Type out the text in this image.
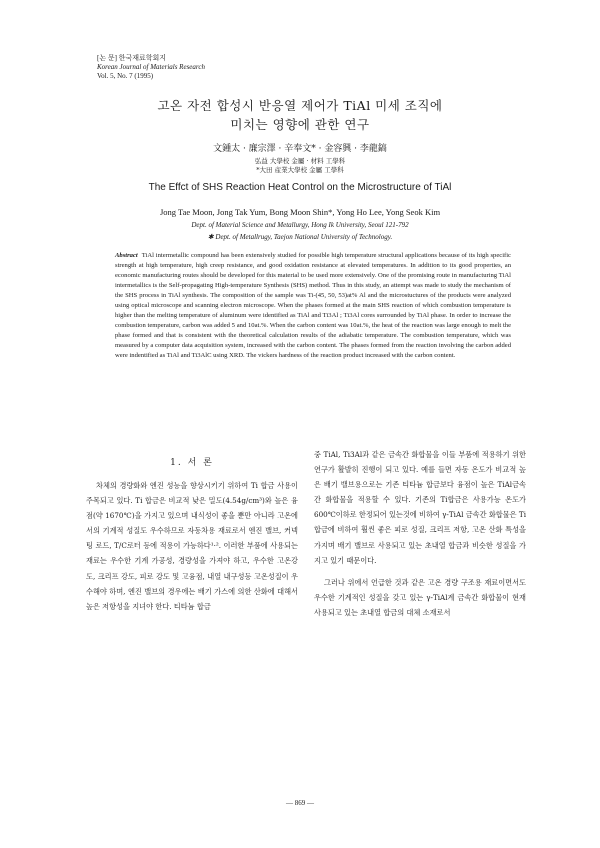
[논 문] 한국재료학회지
Korean Journal of Materials Research
Vol. 5, No. 7 (1995)
고온 자전 합성시 반응열 제어가 TiAl 미세 조직에
미치는 영향에 관한 연구
文鍾太 · 廉宗澤 · 辛奉文* · 金容興 · 李龍鎬
弘益 大學校 金屬 · 材料 工學科
*大田 産業大學校 金屬 工學科
The Effct of SHS Reaction Heat Control on the Microstructure of TiAl
Jong Tae Moon, Jong Tak Yum, Bong Moon Shin*, Yong Ho Lee, Yong Seok Kim
Dept. of Material Science and Metallurgy, Hong Ik University, Seoul 121-792
✱ Dept. of Metallrugy, Taejon National University of Technology.
Abstract TiAl intermetallic compound has been extensively studied for possible high temperature structural applications because of its high specific strength at high temperature, high creep resistance, and good oxidation resistance at elevated temperatures. In addition to its good properties, an economic manufacturing routes should be developed for this material to be used more extensively. One of the promising route in manufacturing TiAl intermetallics is the Self-propagating High-temperature Synthesis (SHS) method. Thus in this study, an attempt was made to study the mechanism of the SHS process in TiAl synthesis. The composition of the sample was Ti-(45, 50, 53)at% Al and the microstuctures of the products were analyzed using optical microscope and scanning electron microscope. When the phases formed at the main SHS reaction of which combustion temperature is higher than the melting temperature of aluminum were identified as TiAl and Ti3Al ; Ti3Al cores surrounded by TiAl phase. In order to increase the combustion temperature, carbon was added 5 and 10at.%. When the carbon content was 10at.%, the heat of the reaction was large enough to melt the phase formed and that is consistent with the theoretical calculation results of the adiabatic temperature. The combustion temperature, which was measured by a computer data acquisition system, increased with the carbon content. The phases formed from the reaction involving the carbon added were indentified as TiAl and Ti3AlC using XRD. The vickers hardness of the reaction product increased with the carbon content.
1. 서 론

차체의 경량화와 엔진 성능을 향상시키기 위하여 Ti 합금 사용이 주목되고 있다. Ti 합금은 비교적 낮은 밀도(4.54g/cm³)와 높은 융점(약 1670℃)을 가지고 있으며 내식성이 좋을 뿐만 아니라 고온에서의 기계적 성질도 우수하므로 자동차용 재료로서 엔진 밸브, 커넥팅 로드, T/C로터 등에 적용이 가능하다¹·². 이러한 부품에 사용되는 재료는 우수한 기계 가공성, 경량성을 가져야 하고, 우수한 고온강도, 크리프 강도, 피로 강도 및 고융점, 내열 내구성등 고온성질이 우수해야 하며, 엔진 밸브의 경우에는 배기 가스에 의한 산화에 대해서 높은 저항성을 지녀야 한다. 티타늄 합금

중 TiAl, Ti3Al과 같은 금속간 화합물을 이들 부품에 적용하기 위한 연구가 활발히 진행이 되고 있다. 예를 들면 자동 온도가 비교적 높은 배기 밸브용으로는 기존 티타늄 합금보다 융점이 높은 TiAl금속간 화합물을 적용할 수 있다. 기존의 Ti합금은 사용가능 온도가 600℃이하로 한정되어 있는것에 비하여 γ-TiAl 금속간 화합물은 Ti합금에 비하여 훨씬 좋은 피로 성질, 크리프 저항, 고온 산화 특성을 가지며 배기 밸브로 사용되고 있는 초내열 합금과 비슷한 성질을 가지고 있기 때문이다.

그러나 위에서 언급한 것과 같은 고온 경량 구조용 재료이면서도 우수한 기계적인 성질을 갖고 있는 γ-TiAl계 금속간 화합물이 현재 사용되고 있는 초내열 합금의 대체 소재로서

— 869 —
